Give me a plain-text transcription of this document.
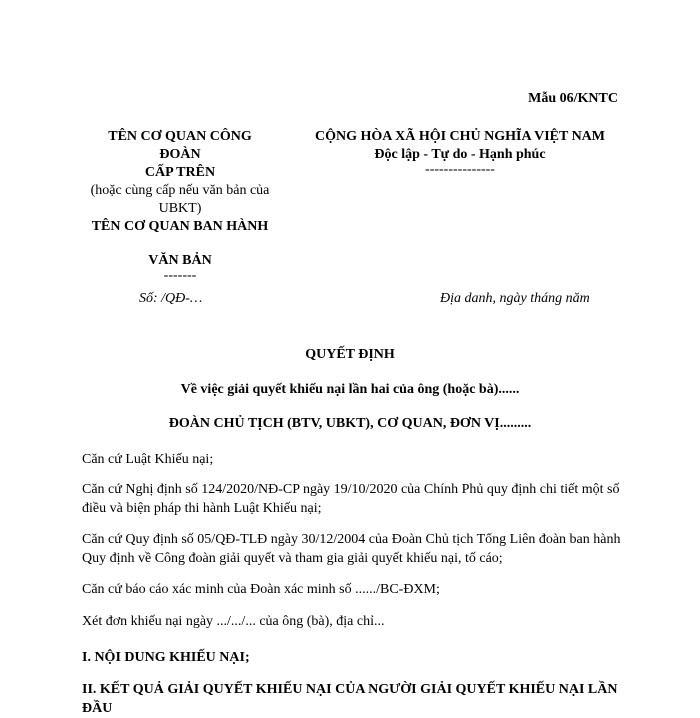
Mẫu 06/KNTC
TÊN CƠ QUAN CÔNG
ĐOÀN
CẤP TRÊN
(hoặc cùng cấp nếu văn bản của
UBKT)
TÊN CƠ QUAN BAN HÀNH
VĂN BẢN
-------
CỘNG HÒA XÃ HỘI CHỦ NGHĨA VIỆT NAM
Độc lập - Tự do - Hạnh phúc
---------------
Số: /QĐ-…	Địa danh, ngày tháng năm
QUYẾT ĐỊNH
Về việc giải quyết khiếu nại lần hai của ông (hoặc bà)......
ĐOÀN CHỦ TỊCH (BTV, UBKT), CƠ QUAN, ĐƠN VỊ.........
Căn cứ Luật Khiếu nại;
Căn cứ Nghị định số 124/2020/NĐ-CP ngày 19/10/2020 của Chính Phủ quy định chi tiết một số điều và biện pháp thi hành Luật Khiếu nại;
Căn cứ Quy định số 05/QĐ-TLĐ ngày 30/12/2004 của Đoàn Chủ tịch Tổng Liên đoàn ban hành Quy định về Công đoàn giải quyết và tham gia giải quyết khiếu nại, tố cáo;
Căn cứ báo cáo xác minh của Đoàn xác minh số ....../BC-ĐXM;
Xét đơn khiếu nại ngày .../.../... của ông (bà), địa chỉ...
I. NỘI DUNG KHIẾU NẠI;
II. KẾT QUẢ GIẢI QUYẾT KHIẾU NẠI CỦA NGƯỜI GIẢI QUYẾT KHIẾU NẠI LẦN ĐẦU
